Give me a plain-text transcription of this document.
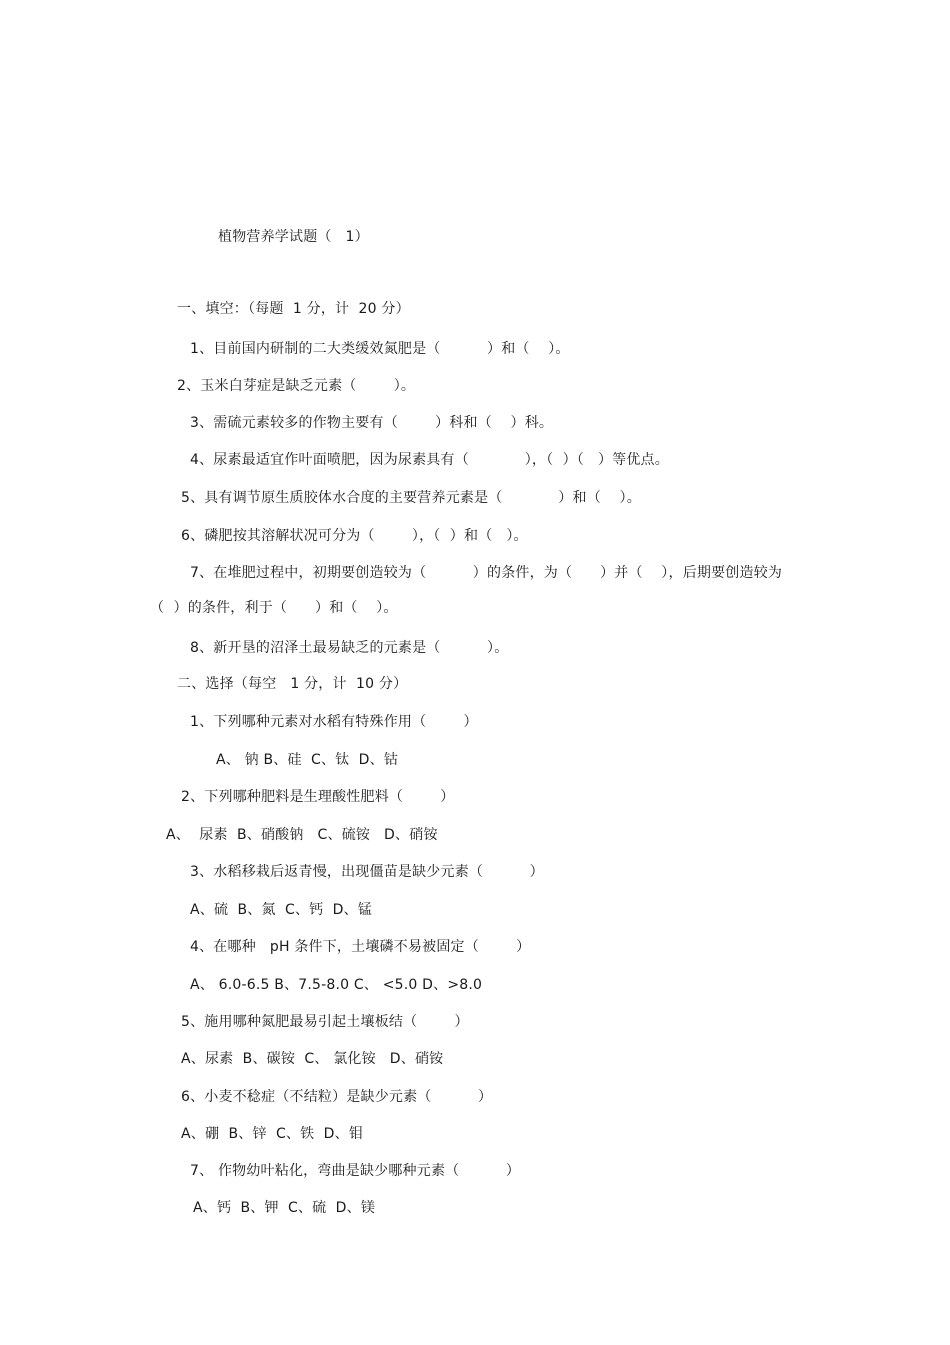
植物营养学试题（   1）
一、填空：（每题  1 分，计  20 分）
1、目前国内研制的二大类缓效氮肥是（          ）和（    ）。
2、玉米白芽症是缺乏元素（        ）。
3、需硫元素较多的作物主要有（        ）科和（    ）科。
4、尿素最适宜作叶面喷肥，因为尿素具有（            ），（  ）（   ）等优点。
5、具有调节原生质胶体水合度的主要营养元素是（            ）和（    ）。
6、磷肥按其溶解状况可分为（        ），（  ）和（   ）。
7、在堆肥过程中，初期要创造较为（          ）的条件，为（      ）并（    ），后期要创造较为
（  ）的条件，利于（      ）和（    ）。
8、新开垦的沼泽土最易缺乏的元素是（          ）。
二、选择（每空   1 分，计  10 分）
1、下列哪种元素对水稻有特殊作用（        ）
A、 钠 B、硅  C、钛  D、钴
2、下列哪种肥料是生理酸性肥料（        ）
A、  尿素  B、硝酸钠   C、硫铵   D、硝铵
3、水稻移栽后返青慢，出现僵苗是缺少元素（          ）
A、硫  B、氮  C、钙  D、锰
4、在哪种   pH 条件下，土壤磷不易被固定（        ）
A、 6.0-6.5 B、7.5-8.0 C、 <5.0 D、>8.0
5、施用哪种氮肥最易引起土壤板结（        ）
A、尿素  B、碳铵  C、 氯化铵   D、硝铵
6、小麦不稔症（不结粒）是缺少元素（          ）
A、硼  B、锌  C、铁  D、钼
7、 作物幼叶粘化，弯曲是缺少哪种元素（          ）
A、钙  B、钾  C、硫  D、镁
